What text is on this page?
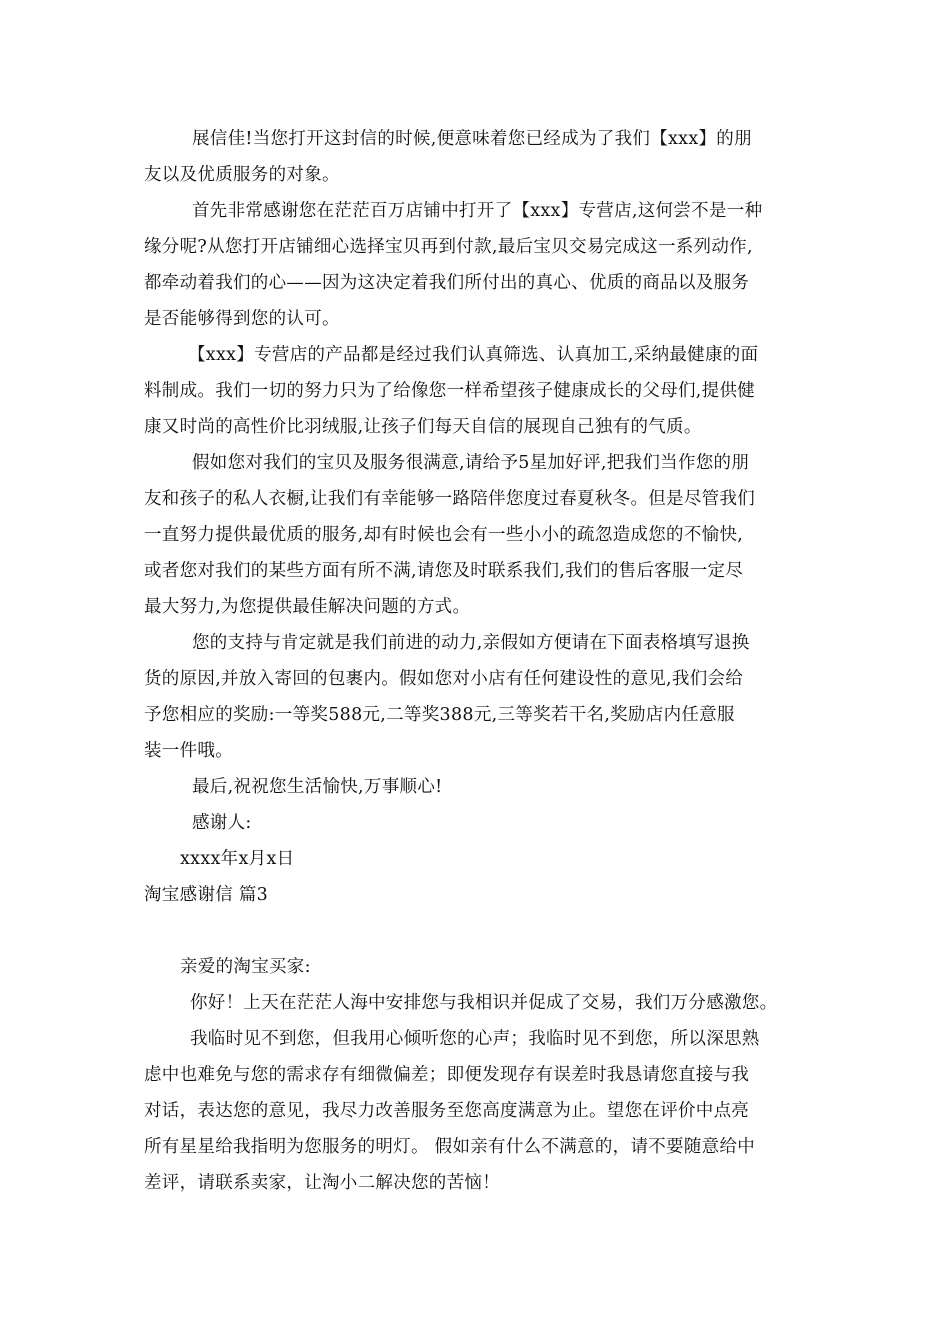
展信佳!当您打开这封信的时候,便意味着您已经成为了我们【xxx】的朋
友以及优质服务的对象。
首先非常感谢您在茫茫百万店铺中打开了【xxx】专营店,这何尝不是一种
缘分呢?从您打开店铺细心选择宝贝再到付款,最后宝贝交易完成这一系列动作,
都牵动着我们的心——因为这决定着我们所付出的真心、优质的商品以及服务
是否能够得到您的认可。
【xxx】专营店的产品都是经过我们认真筛选、认真加工,采纳最健康的面
料制成。我们一切的努力只为了给像您一样希望孩子健康成长的父母们,提供健
康又时尚的高性价比羽绒服,让孩子们每天自信的展现自己独有的气质。
假如您对我们的宝贝及服务很满意,请给予5星加好评,把我们当作您的朋
友和孩子的私人衣橱,让我们有幸能够一路陪伴您度过春夏秋冬。但是尽管我们
一直努力提供最优质的服务,却有时候也会有一些小小的疏忽造成您的不愉快,
或者您对我们的某些方面有所不满,请您及时联系我们,我们的售后客服一定尽
最大努力,为您提供最佳解决问题的方式。
您的支持与肯定就是我们前进的动力,亲假如方便请在下面表格填写退换
货的原因,并放入寄回的包裹内。假如您对小店有任何建设性的意见,我们会给
予您相应的奖励:一等奖588元,二等奖388元,三等奖若干名,奖励店内任意服
装一件哦。
最后,祝祝您生活愉快,万事顺心!
感谢人:
xxxx年x月x日
淘宝感谢信 篇3
亲爱的淘宝买家:
你好！上天在茫茫人海中安排您与我相识并促成了交易，我们万分感激您。
我临时见不到您，但我用心倾听您的心声；我临时见不到您，所以深思熟
虑中也难免与您的需求存有细微偏差；即便发现存有误差时我恳请您直接与我
对话，表达您的意见，我尽力改善服务至您高度满意为止。望您在评价中点亮
所有星星给我指明为您服务的明灯。 假如亲有什么不满意的，请不要随意给中
差评，请联系卖家，让淘小二解决您的苦恼！
